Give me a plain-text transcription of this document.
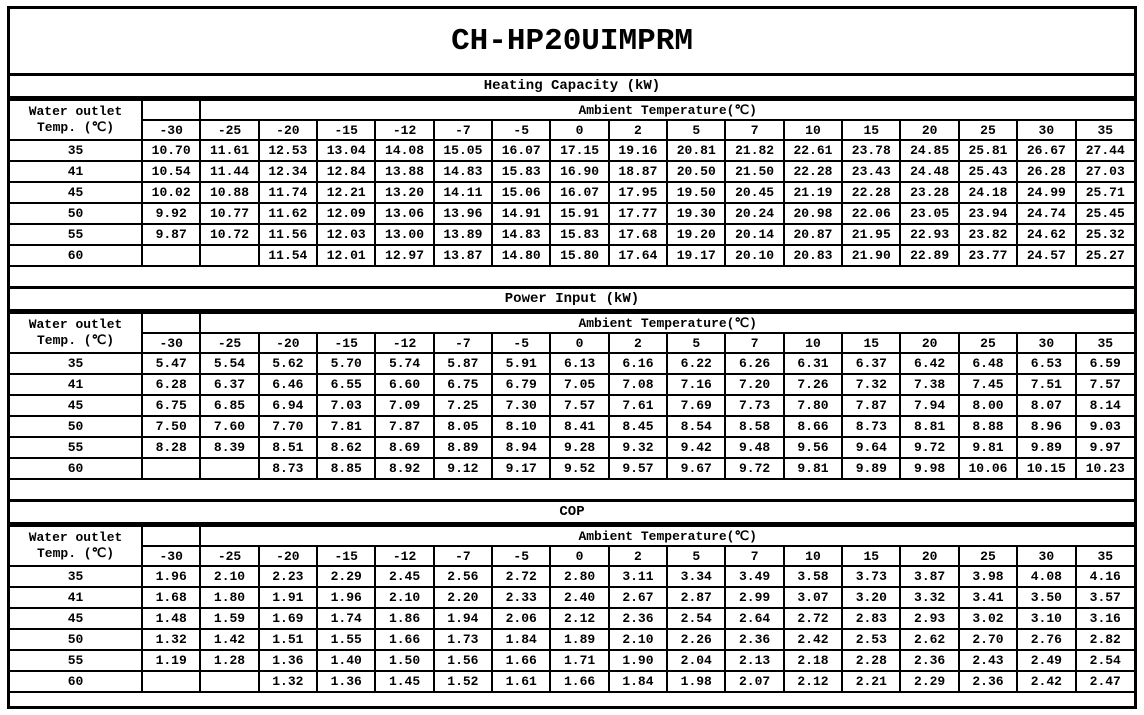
CH-HP20UIMPRM
Heating Capacity (kW)
Water outlet
Temp. (℃)		Ambient Temperature(℃)															
	-30	-25	-20	-15	-12	-7	-5	0	2	5	7	10	15	20	25	30	35
35	10.70	11.61	12.53	13.04	14.08	15.05	16.07	17.15	19.16	20.81	21.82	22.61	23.78	24.85	25.81	26.67	27.44
41	10.54	11.44	12.34	12.84	13.88	14.83	15.83	16.90	18.87	20.50	21.50	22.28	23.43	24.48	25.43	26.28	27.03
45	10.02	10.88	11.74	12.21	13.20	14.11	15.06	16.07	17.95	19.50	20.45	21.19	22.28	23.28	24.18	24.99	25.71
50	9.92	10.77	11.62	12.09	13.06	13.96	14.91	15.91	17.77	19.30	20.24	20.98	22.06	23.05	23.94	24.74	25.45
55	9.87	10.72	11.56	12.03	13.00	13.89	14.83	15.83	17.68	19.20	20.14	20.87	21.95	22.93	23.82	24.62	25.32
60			11.54	12.01	12.97	13.87	14.80	15.80	17.64	19.17	20.10	20.83	21.90	22.89	23.77	24.57	25.27
Power Input (kW)
Water outlet
Temp. (℃)		Ambient Temperature(℃)															
	-30	-25	-20	-15	-12	-7	-5	0	2	5	7	10	15	20	25	30	35
35	5.47	5.54	5.62	5.70	5.74	5.87	5.91	6.13	6.16	6.22	6.26	6.31	6.37	6.42	6.48	6.53	6.59
41	6.28	6.37	6.46	6.55	6.60	6.75	6.79	7.05	7.08	7.16	7.20	7.26	7.32	7.38	7.45	7.51	7.57
45	6.75	6.85	6.94	7.03	7.09	7.25	7.30	7.57	7.61	7.69	7.73	7.80	7.87	7.94	8.00	8.07	8.14
50	7.50	7.60	7.70	7.81	7.87	8.05	8.10	8.41	8.45	8.54	8.58	8.66	8.73	8.81	8.88	8.96	9.03
55	8.28	8.39	8.51	8.62	8.69	8.89	8.94	9.28	9.32	9.42	9.48	9.56	9.64	9.72	9.81	9.89	9.97
60			8.73	8.85	8.92	9.12	9.17	9.52	9.57	9.67	9.72	9.81	9.89	9.98	10.06	10.15	10.23
COP
Water outlet
Temp. (℃)		Ambient Temperature(℃)															
	-30	-25	-20	-15	-12	-7	-5	0	2	5	7	10	15	20	25	30	35
35	1.96	2.10	2.23	2.29	2.45	2.56	2.72	2.80	3.11	3.34	3.49	3.58	3.73	3.87	3.98	4.08	4.16
41	1.68	1.80	1.91	1.96	2.10	2.20	2.33	2.40	2.67	2.87	2.99	3.07	3.20	3.32	3.41	3.50	3.57
45	1.48	1.59	1.69	1.74	1.86	1.94	2.06	2.12	2.36	2.54	2.64	2.72	2.83	2.93	3.02	3.10	3.16
50	1.32	1.42	1.51	1.55	1.66	1.73	1.84	1.89	2.10	2.26	2.36	2.42	2.53	2.62	2.70	2.76	2.82
55	1.19	1.28	1.36	1.40	1.50	1.56	1.66	1.71	1.90	2.04	2.13	2.18	2.28	2.36	2.43	2.49	2.54
60			1.32	1.36	1.45	1.52	1.61	1.66	1.84	1.98	2.07	2.12	2.21	2.29	2.36	2.42	2.47
